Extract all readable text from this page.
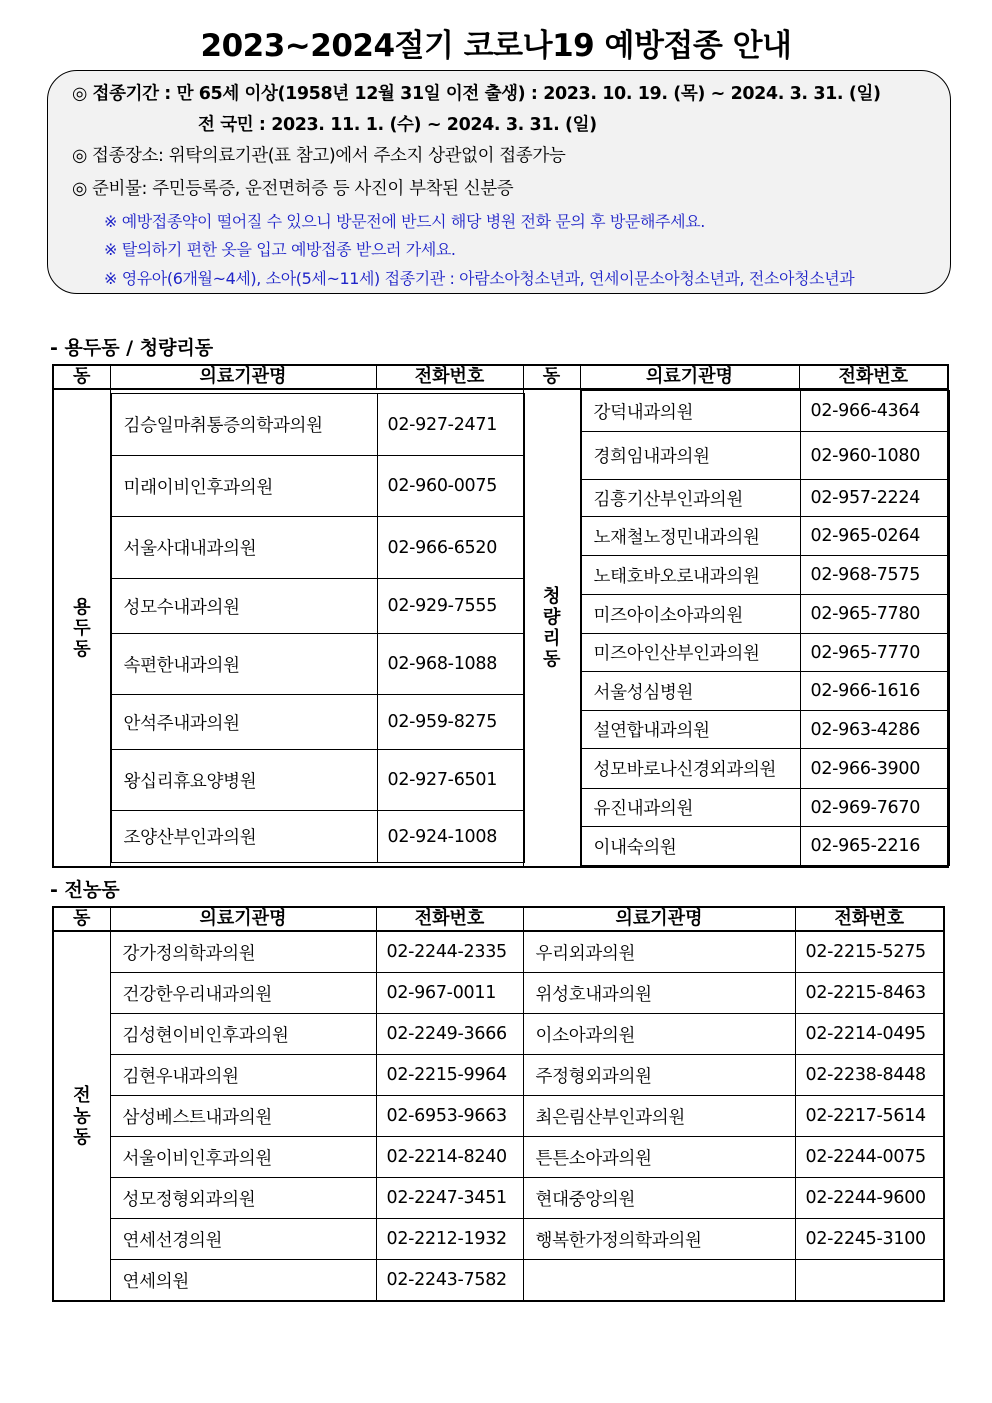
2023~2024절기 코로나19 예방접종 안내
◎ 접종기간 : 만 65세 이상(1958년 12월 31일 이전 출생) : 2023. 10. 19. (목) ~ 2024. 3. 31. (일)
전 국민 : 2023. 11. 1. (수) ~ 2024. 3. 31. (일)
◎ 접종장소: 위탁의료기관(표 참고)에서 주소지 상관없이 접종가능
◎ 준비물: 주민등록증, 운전면허증 등 사진이 부착된 신분증
※ 예방접종약이 떨어질 수 있으니 방문전에 반드시 해당 병원 전화 문의 후 방문해주세요.
※ 탈의하기 편한 옷을 입고 예방접종 받으러 가세요.
※ 영유아(6개월~4세), 소아(5세~11세) 접종기관 : 아람소아청소년과, 연세이문소아청소년과, 전소아청소년과
- 용두동 / 청량리동
동	의료기관명	전화번호	동	의료기관명	전화번호

용
두
동

김승일마취통증의학과의원	02-927-2471
미래이비인후과의원	02-960-0075
서울사대내과의원	02-966-6520
성모수내과의원	02-929-7555
속편한내과의원	02-968-1088
안석주내과의원	02-959-8275
왕십리휴요양병원	02-927-6501
조양산부인과의원	02-924-1008

청
량
리
동

강덕내과의원	02-966-4364
경희임내과의원	02-960-1080
김흥기산부인과의원	02-957-2224
노재철노정민내과의원	02-965-0264
노태호바오로내과의원	02-968-7575
미즈아이소아과의원	02-965-7780
미즈아인산부인과의원	02-965-7770
서울성심병원	02-966-1616
설연합내과의원	02-963-4286
성모바로나신경외과의원	02-966-3900
유진내과의원	02-969-7670
이내숙의원	02-965-2216
- 전농동
동	의료기관명	전화번호	의료기관명	전화번호

전
농
동	강가정의학과의원	02-2244-2335	우리외과의원	02-2215-5275
	건강한우리내과의원	02-967-0011	위성호내과의원	02-2215-8463
	김성현이비인후과의원	02-2249-3666	이소아과의원	02-2214-0495
	김현우내과의원	02-2215-9964	주정형외과의원	02-2238-8448
	삼성베스트내과의원	02-6953-9663	최은림산부인과의원	02-2217-5614
	서울이비인후과의원	02-2214-8240	튼튼소아과의원	02-2244-0075
	성모정형외과의원	02-2247-3451	현대중앙의원	02-2244-9600
	연세선경의원	02-2212-1932	행복한가정의학과의원	02-2245-3100
	연세의원	02-2243-7582		
